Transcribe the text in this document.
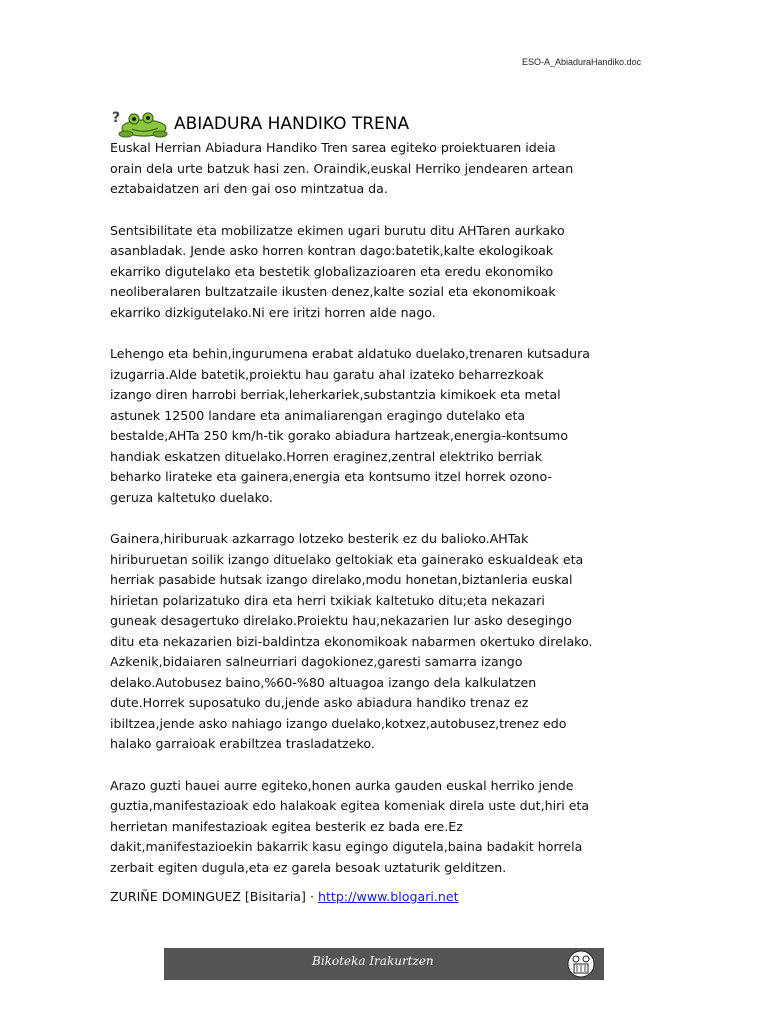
ESO-A_AbiaduraHandiko.doc
?	ABIADURA HANDIKO TRENA

Euskal Herrian Abiadura Handiko Tren sarea egiteko proiektuaren ideia
orain dela urte batzuk hasi zen. Oraindik,euskal Herriko jendearen artean
eztabaidatzen ari den gai oso mintzatua da.

Sentsibilitate eta mobilizatze ekimen ugari burutu ditu AHTaren aurkako
asanbladak. Jende asko horren kontran dago:batetik,kalte ekologikoak
ekarriko digutelako eta bestetik globalizazioaren eta eredu ekonomiko
neoliberalaren bultzatzaile ikusten denez,kalte sozial eta ekonomikoak
ekarriko dizkigutelako.Ni ere iritzi horren alde nago.

Lehengo eta behin,ingurumena erabat aldatuko duelako,trenaren kutsadura
izugarria.Alde batetik,proiektu hau garatu ahal izateko beharrezkoak
izango diren harrobi berriak,leherkariek,substantzia kimikoek eta metal
astunek 12500 landare eta animaliarengan eragingo dutelako eta
bestalde,AHTa 250 km/h-tik gorako abiadura hartzeak,energia-kontsumo
handiak eskatzen dituelako.Horren eraginez,zentral elektriko berriak
beharko lirateke eta gainera,energia eta kontsumo itzel horrek ozono-
geruza kaltetuko duelako.

Gainera,hiriburuak azkarrago lotzeko besterik ez du balioko.AHTak
hiriburuetan soilik izango dituelako geltokiak eta gainerako eskualdeak eta
herriak pasabide hutsak izango direlako,modu honetan,biztanleria euskal
hirietan polarizatuko dira eta herri txikiak kaltetuko ditu;eta nekazari
guneak desagertuko direlako.Proiektu hau,nekazarien lur asko desegingo
ditu eta nekazarien bizi-baldintza ekonomikoak nabarmen okertuko direlako.
Azkenik,bidaiaren salneurriari dagokionez,garesti samarra izango
delako.Autobusez baino,%60-%80 altuagoa izango dela kalkulatzen
dute.Horrek suposatuko du,jende asko abiadura handiko trenaz ez
ibiltzea,jende asko nahiago izango duelako,kotxez,autobusez,trenez edo
halako garraioak erabiltzea trasladatzeko.

Arazo guzti hauei aurre egiteko,honen aurka gauden euskal herriko jende
guztia,manifestazioak edo halakoak egitea komeniak direla uste dut,hiri eta
herrietan manifestazioak egitea besterik ez bada ere.Ez
dakit,manifestazioekin bakarrik kasu egingo digutela,baina badakit horrela
zerbait egiten dugula,eta ez garela besoak uztaturik gelditzen.

ZURIÑE DOMINGUEZ [Bisitaria] · http://www.blogari.net
Bikoteka Irakurtzen
